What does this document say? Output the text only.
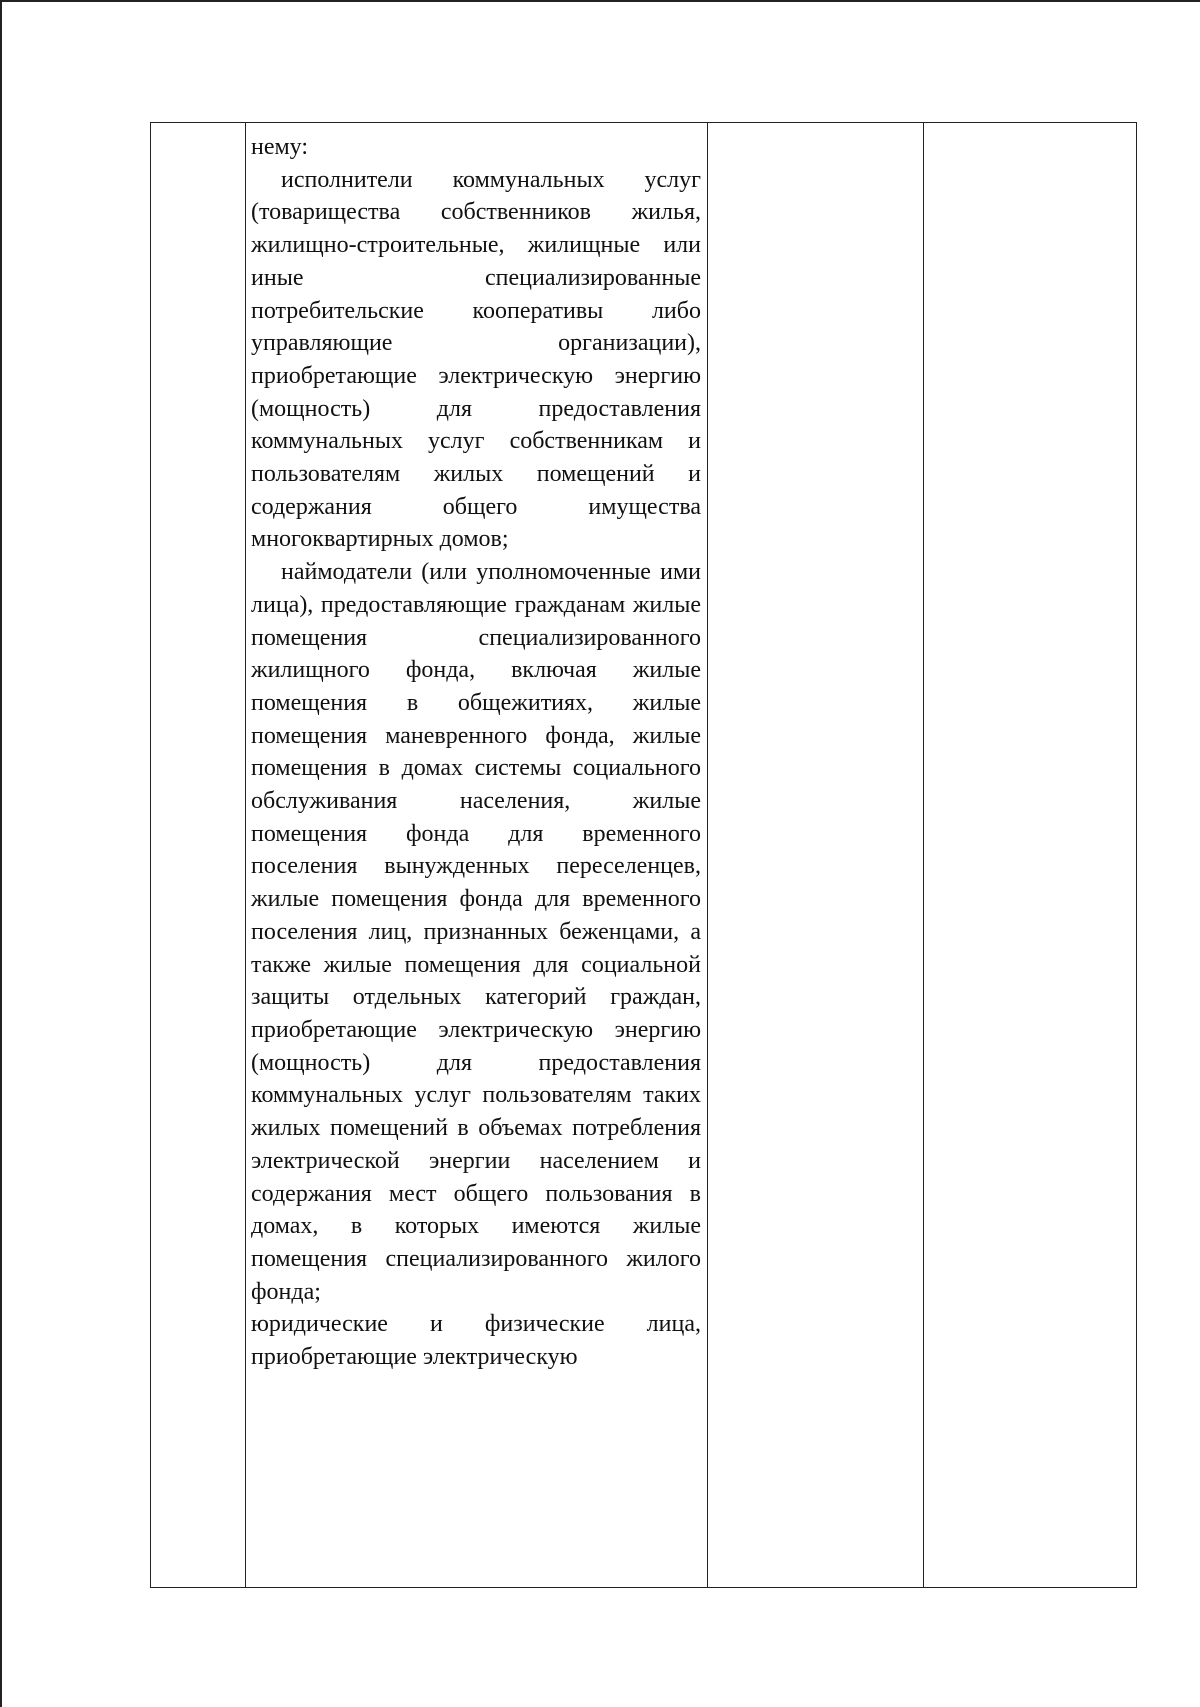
нему:

исполнители коммунальных услуг (товарищества собственников жилья, жилищно-строительные, жилищные или иные специализированные потребительские кооперативы либо управляющие организации), приобретающие электрическую энергию (мощность) для предоставления коммунальных услуг собственникам и пользователям жилых помещений и содержания общего имущества многоквартирных домов;

наймодатели (или уполномоченные ими лица), предоставляющие гражданам жилые помещения специализированного жилищного фонда, включая жилые помещения в общежитиях, жилые помещения маневренного фонда, жилые помещения в домах системы социального обслуживания населения, жилые помещения фонда для временного поселения вынужденных переселенцев, жилые помещения фонда для временного поселения лиц, признанных беженцами, а также жилые помещения для социальной защиты отдельных категорий граждан, приобретающие электрическую энергию (мощность) для предоставления коммунальных услуг пользователям таких жилых помещений в объемах потребления электрической энергии населением и содержания мест общего пользования в домах, в которых имеются жилые помещения специализированного жилого фонда;

юридические и физические лица, приобретающие электрическую
